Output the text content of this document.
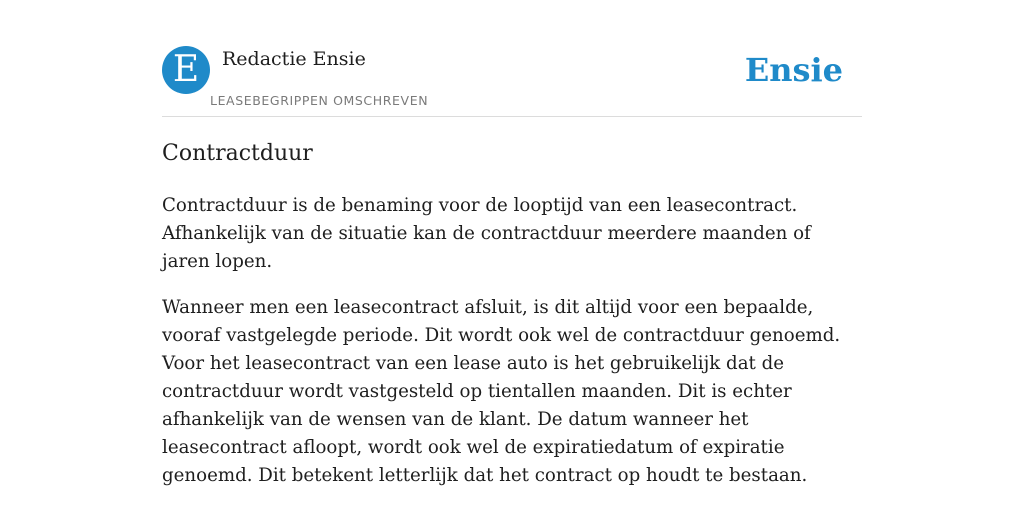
E	Redactie Ensie
LEASEBEGRIPPEN OMSCHREVEN
Ensie
Contractduur

Contractduur is de benaming voor de looptijd van een leasecontract. Afhankelijk van de situatie kan de contractduur meerdere maanden of jaren lopen.

Wanneer men een leasecontract afsluit, is dit altijd voor een bepaalde, vooraf vastgelegde periode. Dit wordt ook wel de contractduur genoemd. Voor het leasecontract van een lease auto is het gebruikelijk dat de contractduur wordt vastgesteld op tientallen maanden. Dit is echter afhankelijk van de wensen van de klant. De datum wanneer het leasecontract afloopt, wordt ook wel de expiratiedatum of expiratie genoemd. Dit betekent letterlijk dat het contract op houdt te bestaan.
